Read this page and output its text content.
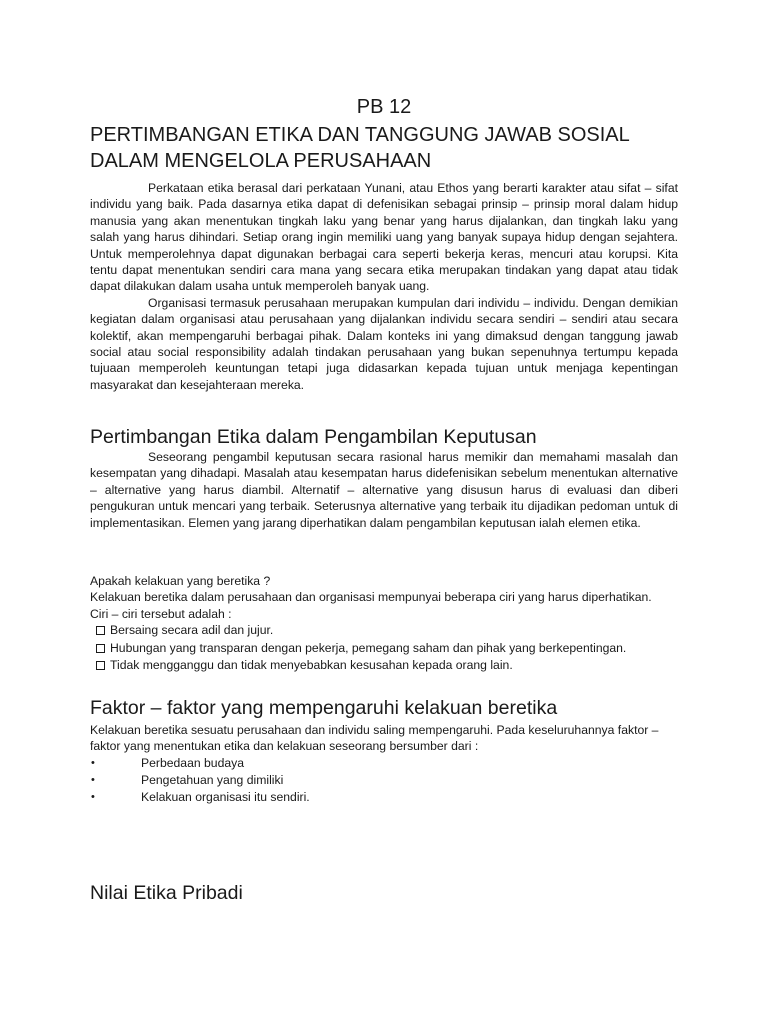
PB 12
PERTIMBANGAN ETIKA DAN TANGGUNG JAWAB SOSIAL DALAM MENGELOLA PERUSAHAAN

Perkataan etika berasal dari perkataan Yunani, atau Ethos yang berarti karakter atau sifat – sifat individu yang baik. Pada dasarnya etika dapat di defenisikan sebagai prinsip – prinsip moral dalam hidup manusia yang akan menentukan tingkah laku yang benar yang harus dijalankan, dan tingkah laku yang salah yang harus dihindari. Setiap orang ingin memiliki uang yang banyak supaya hidup dengan sejahtera. Untuk memperolehnya dapat digunakan berbagai cara seperti bekerja keras, mencuri atau korupsi. Kita tentu dapat menentukan sendiri cara mana yang secara etika merupakan tindakan yang dapat atau tidak dapat dilakukan dalam usaha untuk memperoleh banyak uang.

Organisasi termasuk perusahaan merupakan kumpulan dari individu – individu. Dengan demikian kegiatan dalam organisasi atau perusahaan yang dijalankan individu secara sendiri – sendiri atau secara kolektif, akan mempengaruhi berbagai pihak. Dalam konteks ini yang dimaksud dengan tanggung jawab social atau social responsibility adalah tindakan perusahaan yang bukan sepenuhnya tertumpu kepada tujuaan memperoleh keuntungan tetapi juga didasarkan kepada tujuan untuk menjaga kepentingan masyarakat dan kesejahteraan mereka.

Pertimbangan Etika dalam Pengambilan Keputusan

Seseorang pengambil keputusan secara rasional harus memikir dan memahami masalah dan kesempatan yang dihadapi. Masalah atau kesempatan harus didefenisikan sebelum menentukan alternative – alternative yang harus diambil. Alternatif – alternative yang disusun harus di evaluasi dan diberi pengukuran untuk mencari yang terbaik. Seterusnya alternative yang terbaik itu dijadikan pedoman untuk di implementasikan. Elemen yang jarang diperhatikan dalam pengambilan keputusan ialah elemen etika.

Apakah kelakuan yang beretika ?

Kelakuan beretika dalam perusahaan dan organisasi mempunyai beberapa ciri yang harus diperhatikan.

Ciri – ciri tersebut adalah :

Bersaing secara adil dan jujur.
Hubungan yang transparan dengan pekerja, pemegang saham dan pihak yang berkepentingan.
Tidak mengganggu dan tidak menyebabkan kesusahan kepada orang lain.
Faktor – faktor yang mempengaruhi kelakuan beretika

Kelakuan beretika sesuatu perusahaan dan individu saling mempengaruhi. Pada keseluruhannya faktor –

faktor yang menentukan etika dan kelakuan seseorang bersumber dari :

•	Perbedaan budaya
•	Pengetahuan yang dimiliki
•	Kelakuan organisasi itu sendiri.
Nilai Etika Pribadi
